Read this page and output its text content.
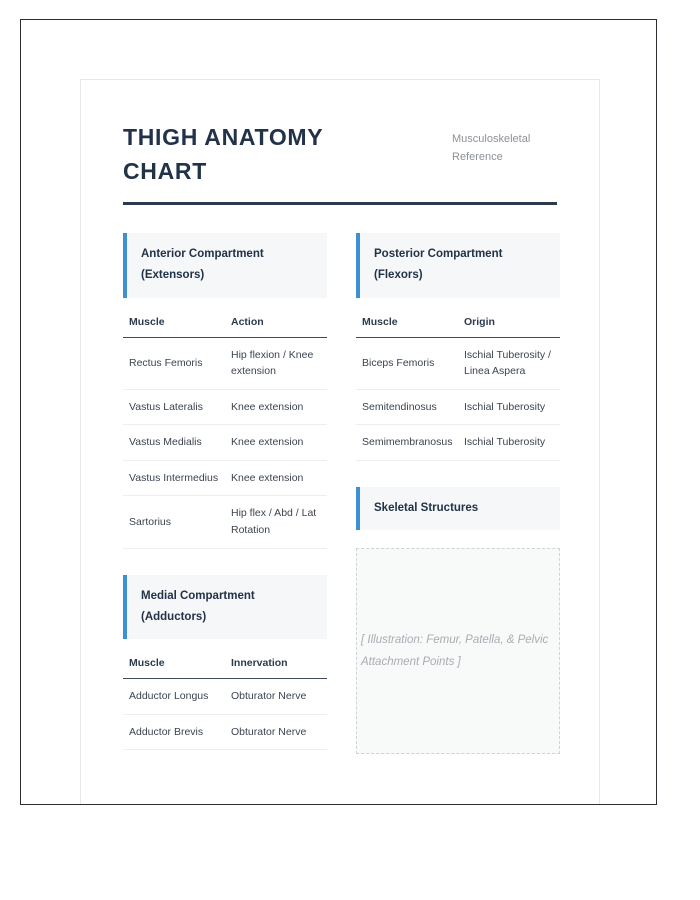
THIGH ANATOMY CHART

Musculoskeletal Reference

Anterior Compartment
(Extensors)
Muscle	Action
Rectus Femoris	Hip flexion / Knee extension
Vastus Lateralis	Knee extension
Vastus Medialis	Knee extension
Vastus Intermedius	Knee extension
Sartorius	Hip flex / Abd / Lat Rotation
Medial Compartment
(Adductors)
Muscle	Innervation
Adductor Longus	Obturator Nerve
Adductor Brevis	Obturator Nerve
Posterior Compartment
(Flexors)
Muscle	Origin
Biceps Femoris	Ischial Tuberosity / Linea Aspera
Semitendinosus	Ischial Tuberosity
Semimembranosus	Ischial Tuberosity
Skeletal Structures
[ Illustration: Femur, Patella, & Pelvic Attachment Points ]
